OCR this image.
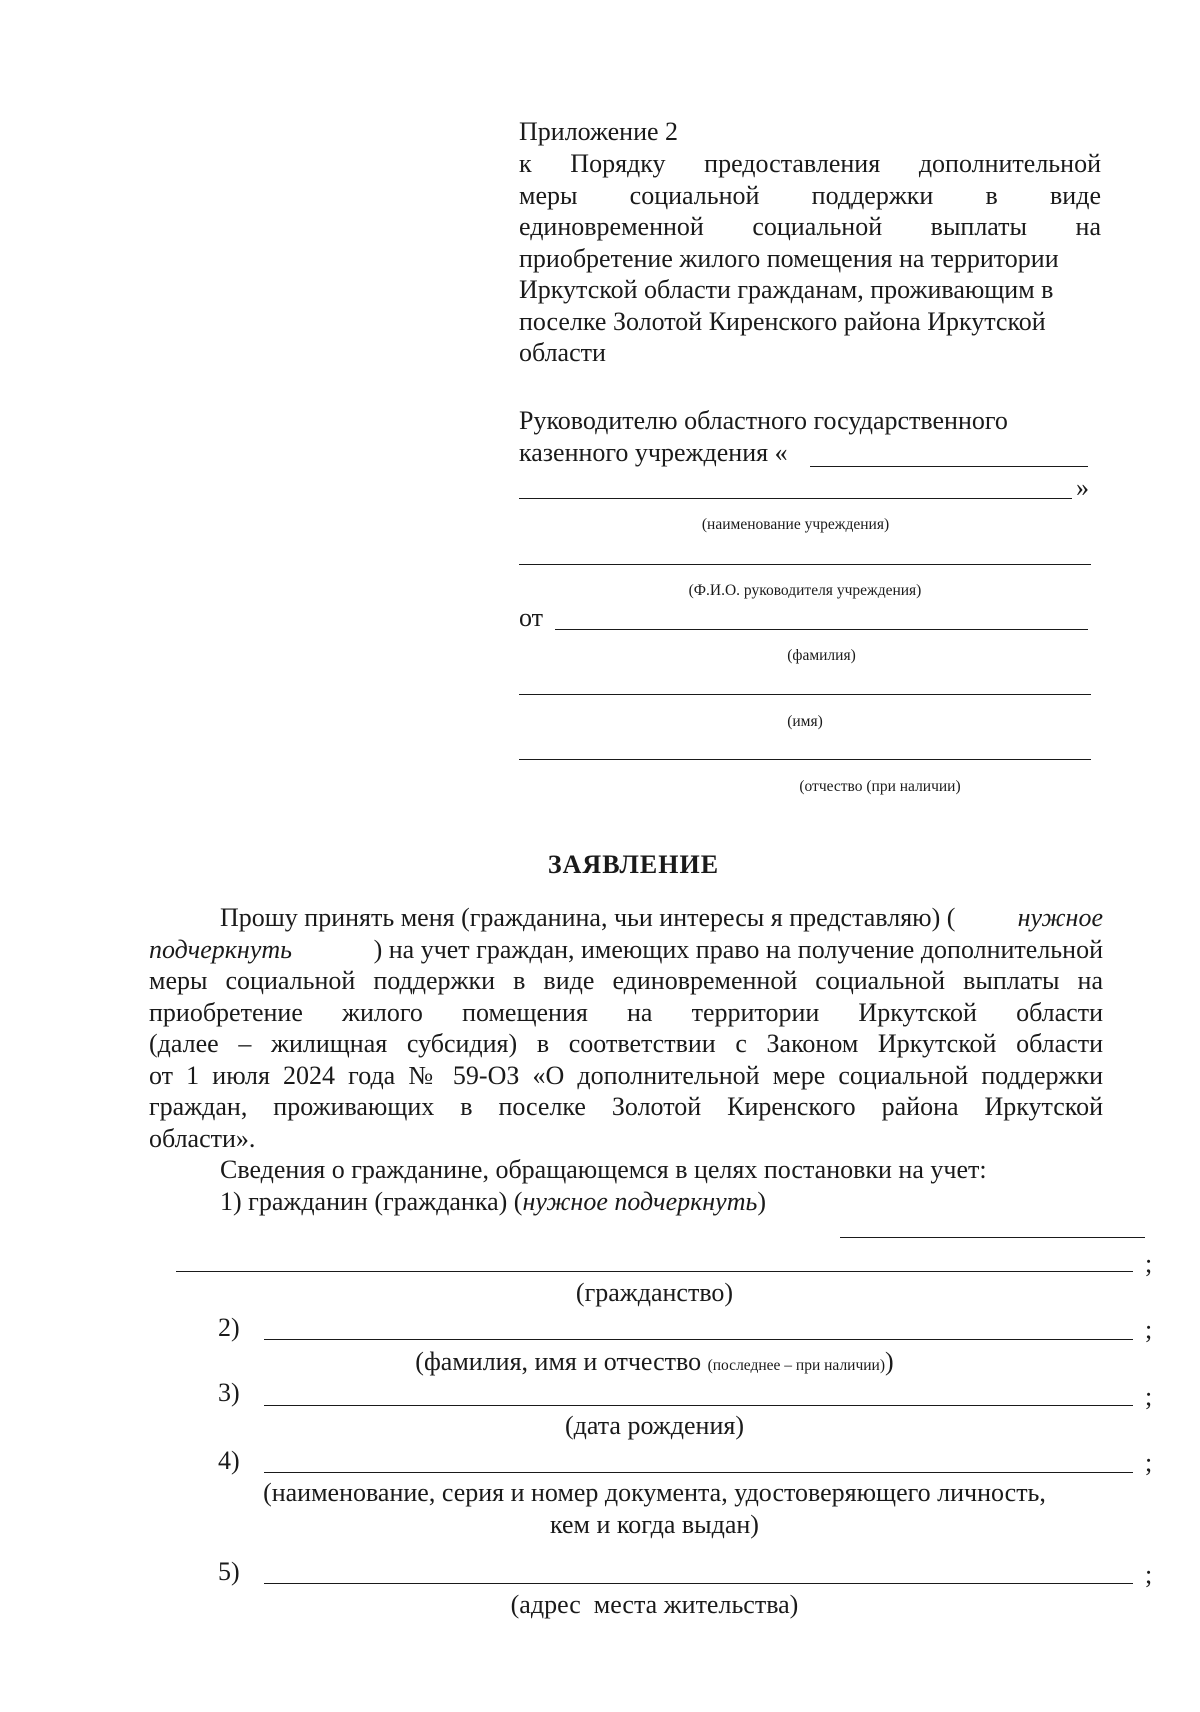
Приложение 2
к Порядку предоставления дополнительной
меры социальной поддержки в виде
единовременной социальной выплаты на
приобретение жилого помещения на территории
Иркутской области гражданам, проживающим в
поселке Золотой Киренского района Иркутской
области
Руководителю областного государственного
казенного учреждения «
»
(наименование учреждения)
(Ф.И.О. руководителя учреждения)
от
(фамилия)
(имя)
(отчество (при наличии)
ЗАЯВЛЕНИЕ
Прошу принять меня (гражданина, чьи интересы я представляю) ( нужное
подчеркнуть	) на учет граждан, имеющих право на получение дополнительной
меры социальной поддержки в виде единовременной социальной выплаты на
приобретение жилого помещения на территории Иркутской области
(далее – жилищная субсидия) в соответствии с Законом Иркутской области
от 1 июля 2024 года № 59-ОЗ «О дополнительной мере социальной поддержки
граждан, проживающих в поселке Золотой Киренского района Иркутской
области».
Сведения о гражданине, обращающемся в целях постановки на учет:
1) гражданин (гражданка) (нужное подчеркнуть)
;
(гражданство)
2)	;
(фамилия, имя и отчество (последнее – при наличии))
3)	;
(дата рождения)
4)	;
(наименование, серия и номер документа, удостоверяющего личность,
кем и когда выдан)
5)	;
(адрес  места жительства)
